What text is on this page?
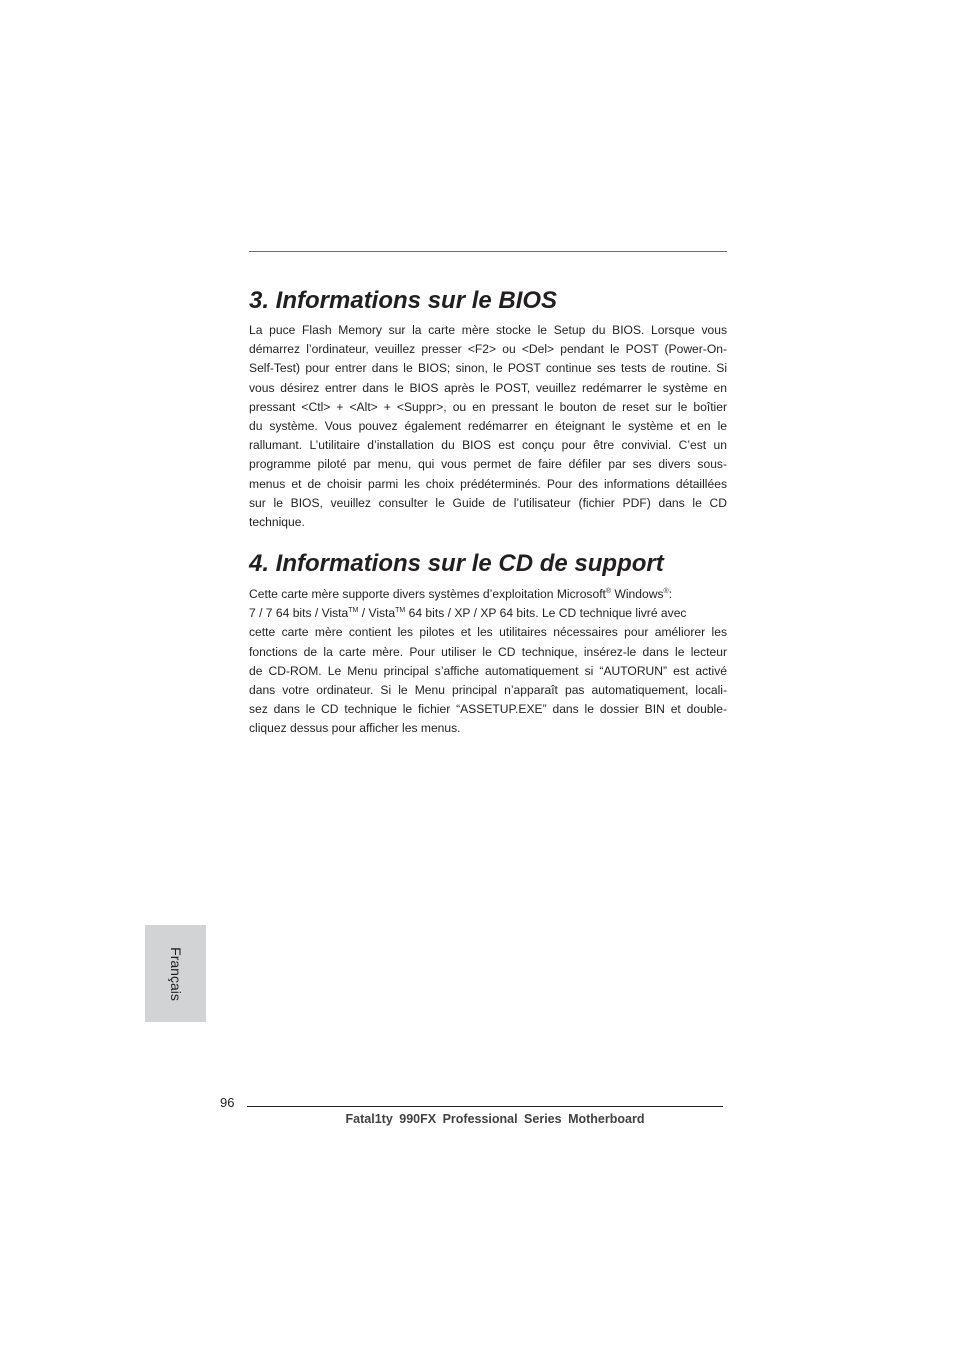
3. Informations sur le BIOS
La puce Flash Memory sur la carte mère stocke le Setup du BIOS. Lorsque vous
démarrez l’ordinateur, veuillez presser <F2> ou <Del> pendant le POST (Power-On-
Self-Test) pour entrer dans le BIOS; sinon, le POST continue ses tests de routine. Si
vous désirez entrer dans le BIOS après le POST, veuillez redémarrer le système en
pressant <Ctl> + <Alt> + <Suppr>, ou en pressant le bouton de reset sur le boîtier
du système. Vous pouvez également redémarrer en éteignant le système et en le
rallumant. L’utilitaire d’installation du BIOS est conçu pour être convivial. C’est un
programme piloté par menu, qui vous permet de faire défiler par ses divers sous-
menus et de choisir parmi les choix prédéterminés. Pour des informations détaillées
sur le BIOS, veuillez consulter le Guide de l’utilisateur (fichier PDF) dans le CD
technique.
4. Informations sur le CD de support
Cette carte mère supporte divers systèmes d’exploitation Microsoft® Windows®:
7 / 7 64 bits / Vista™ / Vista™ 64 bits / XP / XP 64 bits. Le CD technique livré avec
cette carte mère contient les pilotes et les utilitaires nécessaires pour améliorer les
fonctions de la carte mère. Pour utiliser le CD technique, insérez-le dans le lecteur
de CD-ROM. Le Menu principal s’affiche automatiquement si “AUTORUN” est activé
dans votre ordinateur. Si le Menu principal n’apparaît pas automatiquement, locali-
sez dans le CD technique le fichier “ASSETUP.EXE” dans le dossier BIN et double-
cliquez dessus pour afficher les menus.
Français
96
Fatal1ty 990FX Professional Series Motherboard
